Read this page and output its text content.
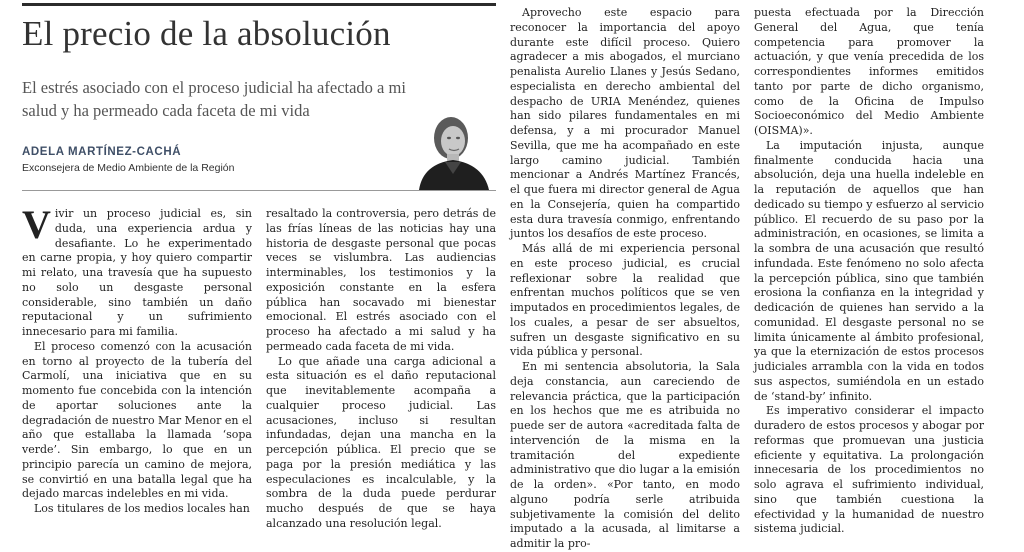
El precio de la absolución

El estrés asociado con el proceso judicial ha afectado a mi salud y ha permeado cada faceta de mi vida

ADELA MARTÍNEZ-CACHÁ
Exconsejera de Medio Ambiente de la Región

Vivir un proceso judicial es, sin duda, una experiencia ardua y desafiante. Lo he experimentado en carne propia, y hoy quiero compartir mi relato, una travesía que ha supuesto no solo un desgaste personal considerable, sino también un daño reputacional y un sufrimiento innecesario para mi familia.

El proceso comenzó con la acusación en torno al proyecto de la tubería del Carmolí, una iniciativa que en su momento fue concebida con la intención de aportar soluciones ante la degradación de nuestro Mar Menor en el año que estallaba la llamada ‘sopa verde’. Sin embargo, lo que en un principio parecía un camino de mejora, se convirtió en una batalla legal que ha dejado marcas indelebles en mi vida.

Los titulares de los medios locales han

resaltado la controversia, pero detrás de las frías líneas de las noticias hay una historia de desgaste personal que pocas veces se vislumbra. Las audiencias interminables, los testimonios y la exposición constante en la esfera pública han socavado mi bienestar emocional. El estrés asociado con el proceso ha afectado a mi salud y ha permeado cada faceta de mi vida.

Lo que añade una carga adicional a esta situación es el daño reputacional que inevitablemente acompaña a cualquier proceso judicial. Las acusaciones, incluso si resultan infundadas, dejan una mancha en la percepción pública. El precio que se paga por la presión mediática y las especulaciones es incalculable, y la sombra de la duda puede perdurar mucho después de que se haya alcanzado una resolución legal.

Aprovecho este espacio para reconocer la importancia del apoyo durante este difícil proceso. Quiero agradecer a mis abogados, el murciano penalista Aurelio Llanes y Jesús Sedano, especialista en derecho ambiental del despacho de URIA Menéndez, quienes han sido pilares fundamentales en mi defensa, y a mi procurador Manuel Sevilla, que me ha acompañado en este largo camino judicial. También mencionar a Andrés Martínez Francés, el que fuera mi director general de Agua en la Consejería, quien ha compartido esta dura travesía conmigo, enfrentando juntos los desafíos de este proceso.

Más allá de mi experiencia personal en este proceso judicial, es crucial reflexionar sobre la realidad que enfrentan muchos políticos que se ven imputados en procedimientos legales, de los cuales, a pesar de ser absueltos, sufren un desgaste significativo en su vida pública y personal.

En mi sentencia absolutoria, la Sala deja constancia, aun careciendo de relevancia práctica, que la participación en los hechos que me es atribuida no puede ser de autora «acreditada falta de intervención de la misma en la tramitación del expediente administrativo que dio lugar a la emisión de la orden». «Por tanto, en modo alguno podría serle atribuida subjetivamente la comisión del delito imputado a la acusada, al limitarse a admitir la pro-

puesta efectuada por la Dirección General del Agua, que tenía competencia para promover la actuación, y que venía precedida de los correspondientes informes emitidos tanto por parte de dicho organismo, como de la Oficina de Impulso Socioeconómico del Medio Ambiente (OISMA)».

La imputación injusta, aunque finalmente conducida hacia una absolución, deja una huella indeleble en la reputación de aquellos que han dedicado su tiempo y esfuerzo al servicio público. El recuerdo de su paso por la administración, en ocasiones, se limita a la sombra de una acusación que resultó infundada. Este fenómeno no solo afecta la percepción pública, sino que también erosiona la confianza en la integridad y dedicación de quienes han servido a la comunidad. El desgaste personal no se limita únicamente al ámbito profesional, ya que la eternización de estos procesos judiciales arrambla con la vida en todos sus aspectos, sumiéndola en un estado de ‘stand-by’ infinito.

Es imperativo considerar el impacto duradero de estos procesos y abogar por reformas que promuevan una justicia eficiente y equitativa. La prolongación innecesaria de los procedimientos no solo agrava el sufrimiento individual, sino que también cuestiona la efectividad y la humanidad de nuestro sistema judicial.
